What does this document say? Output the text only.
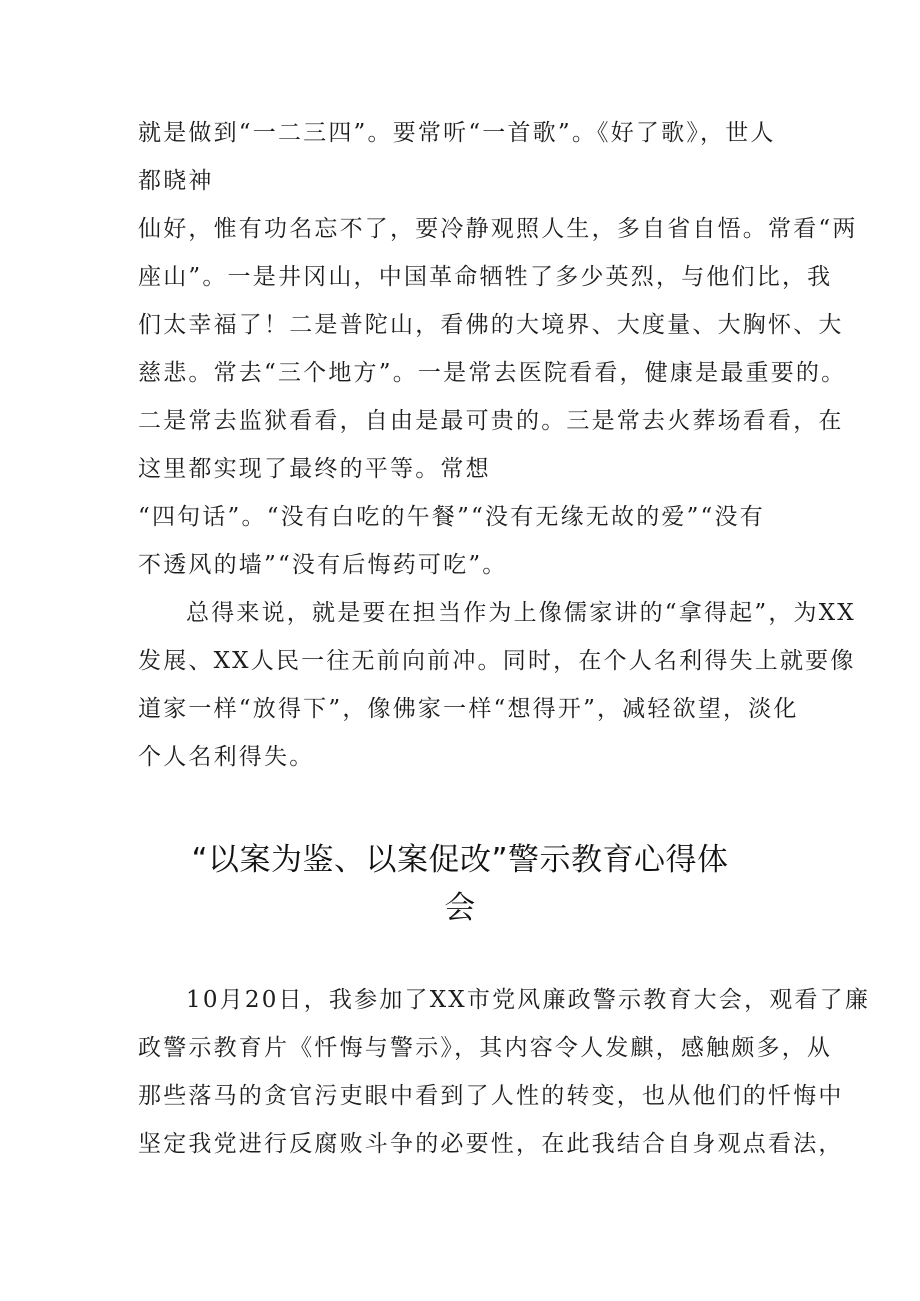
就是做到“一二三四”。要常听“一首歌”。《好了歌》，世人
都晓神
仙好，惟有功名忘不了，要冷静观照人生，多自省自悟。常看“两
座山”。一是井冈山，中国革命牺牲了多少英烈，与他们比，我
们太幸福了！二是普陀山，看佛的大境界、大度量、大胸怀、大
慈悲。常去“三个地方”。一是常去医院看看，健康是最重要的。
二是常去监狱看看，自由是最可贵的。三是常去火葬场看看，在
这里都实现了最终的平等。常想
“四句话”。“没有白吃的午餐”“没有无缘无故的爱”“没有
不透风的墙”“没有后悔药可吃”。
总得来说，就是要在担当作为上像儒家讲的“拿得起”，为XX
发展、XX人民一往无前向前冲。同时，在个人名利得失上就要像
道家一样“放得下”，像佛家一样“想得开”，减轻欲望，淡化
个人名利得失。
“以案为鉴、以案促改”警示教育心得体
会
10月20日，我参加了XX市党风廉政警示教育大会，观看了廉
政警示教育片《忏悔与警示》，其内容令人发麒，感触颇多，从
那些落马的贪官污吏眼中看到了人性的转变，也从他们的忏悔中
坚定我党进行反腐败斗争的必要性，在此我结合自身观点看法，
